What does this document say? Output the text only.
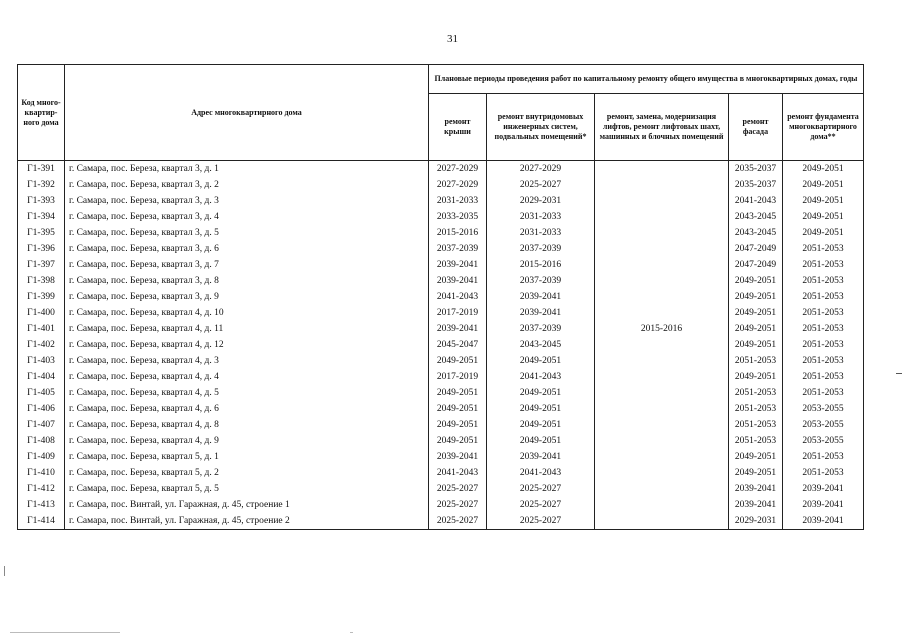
31
Код много-квартир-ного дома	Адрес многоквартирного дома	Плановые периоды проведения работ по капитальному ремонту общего имущества в многоквартирных домах, годы				
		ремонт крыши	ремонт внутридомовых инженерных систем, подвальных помещений*	ремонт, замена, модернизация лифтов, ремонт лифтовых шахт, машинных и блочных помещений	ремонт фасада	ремонт фундамента многоквартирного дома**
Г1-391	г. Самара, пос. Береза, квартал 3, д. 1	2027-2029	2027-2029		2035-2037	2049-2051
Г1-392	г. Самара, пос. Береза, квартал 3, д. 2	2027-2029	2025-2027		2035-2037	2049-2051
Г1-393	г. Самара, пос. Береза, квартал 3, д. 3	2031-2033	2029-2031		2041-2043	2049-2051
Г1-394	г. Самара, пос. Береза, квартал 3, д. 4	2033-2035	2031-2033		2043-2045	2049-2051
Г1-395	г. Самара, пос. Береза, квартал 3, д. 5	2015-2016	2031-2033		2043-2045	2049-2051
Г1-396	г. Самара, пос. Береза, квартал 3, д. 6	2037-2039	2037-2039		2047-2049	2051-2053
Г1-397	г. Самара, пос. Береза, квартал 3, д. 7	2039-2041	2015-2016		2047-2049	2051-2053
Г1-398	г. Самара, пос. Береза, квартал 3, д. 8	2039-2041	2037-2039		2049-2051	2051-2053
Г1-399	г. Самара, пос. Береза, квартал 3, д. 9	2041-2043	2039-2041		2049-2051	2051-2053
Г1-400	г. Самара, пос. Береза, квартал 4, д. 10	2017-2019	2039-2041		2049-2051	2051-2053
Г1-401	г. Самара, пос. Береза, квартал 4, д. 11	2039-2041	2037-2039	2015-2016	2049-2051	2051-2053
Г1-402	г. Самара, пос. Береза, квартал 4, д. 12	2045-2047	2043-2045		2049-2051	2051-2053
Г1-403	г. Самара, пос. Береза, квартал 4, д. 3	2049-2051	2049-2051		2051-2053	2051-2053
Г1-404	г. Самара, пос. Береза, квартал 4, д. 4	2017-2019	2041-2043		2049-2051	2051-2053
Г1-405	г. Самара, пос. Береза, квартал 4, д. 5	2049-2051	2049-2051		2051-2053	2051-2053
Г1-406	г. Самара, пос. Береза, квартал 4, д. 6	2049-2051	2049-2051		2051-2053	2053-2055
Г1-407	г. Самара, пос. Береза, квартал 4, д. 8	2049-2051	2049-2051		2051-2053	2053-2055
Г1-408	г. Самара, пос. Береза, квартал 4, д. 9	2049-2051	2049-2051		2051-2053	2053-2055
Г1-409	г. Самара, пос. Береза, квартал 5, д. 1	2039-2041	2039-2041		2049-2051	2051-2053
Г1-410	г. Самара, пос. Береза, квартал 5, д. 2	2041-2043	2041-2043		2049-2051	2051-2053
Г1-412	г. Самара, пос. Береза, квартал 5, д. 5	2025-2027	2025-2027		2039-2041	2039-2041
Г1-413	г. Самара, пос. Винтай, ул. Гаражная, д. 45, строение 1	2025-2027	2025-2027		2039-2041	2039-2041
Г1-414	г. Самара, пос. Винтай, ул. Гаражная, д. 45, строение 2	2025-2027	2025-2027		2029-2031	2039-2041
